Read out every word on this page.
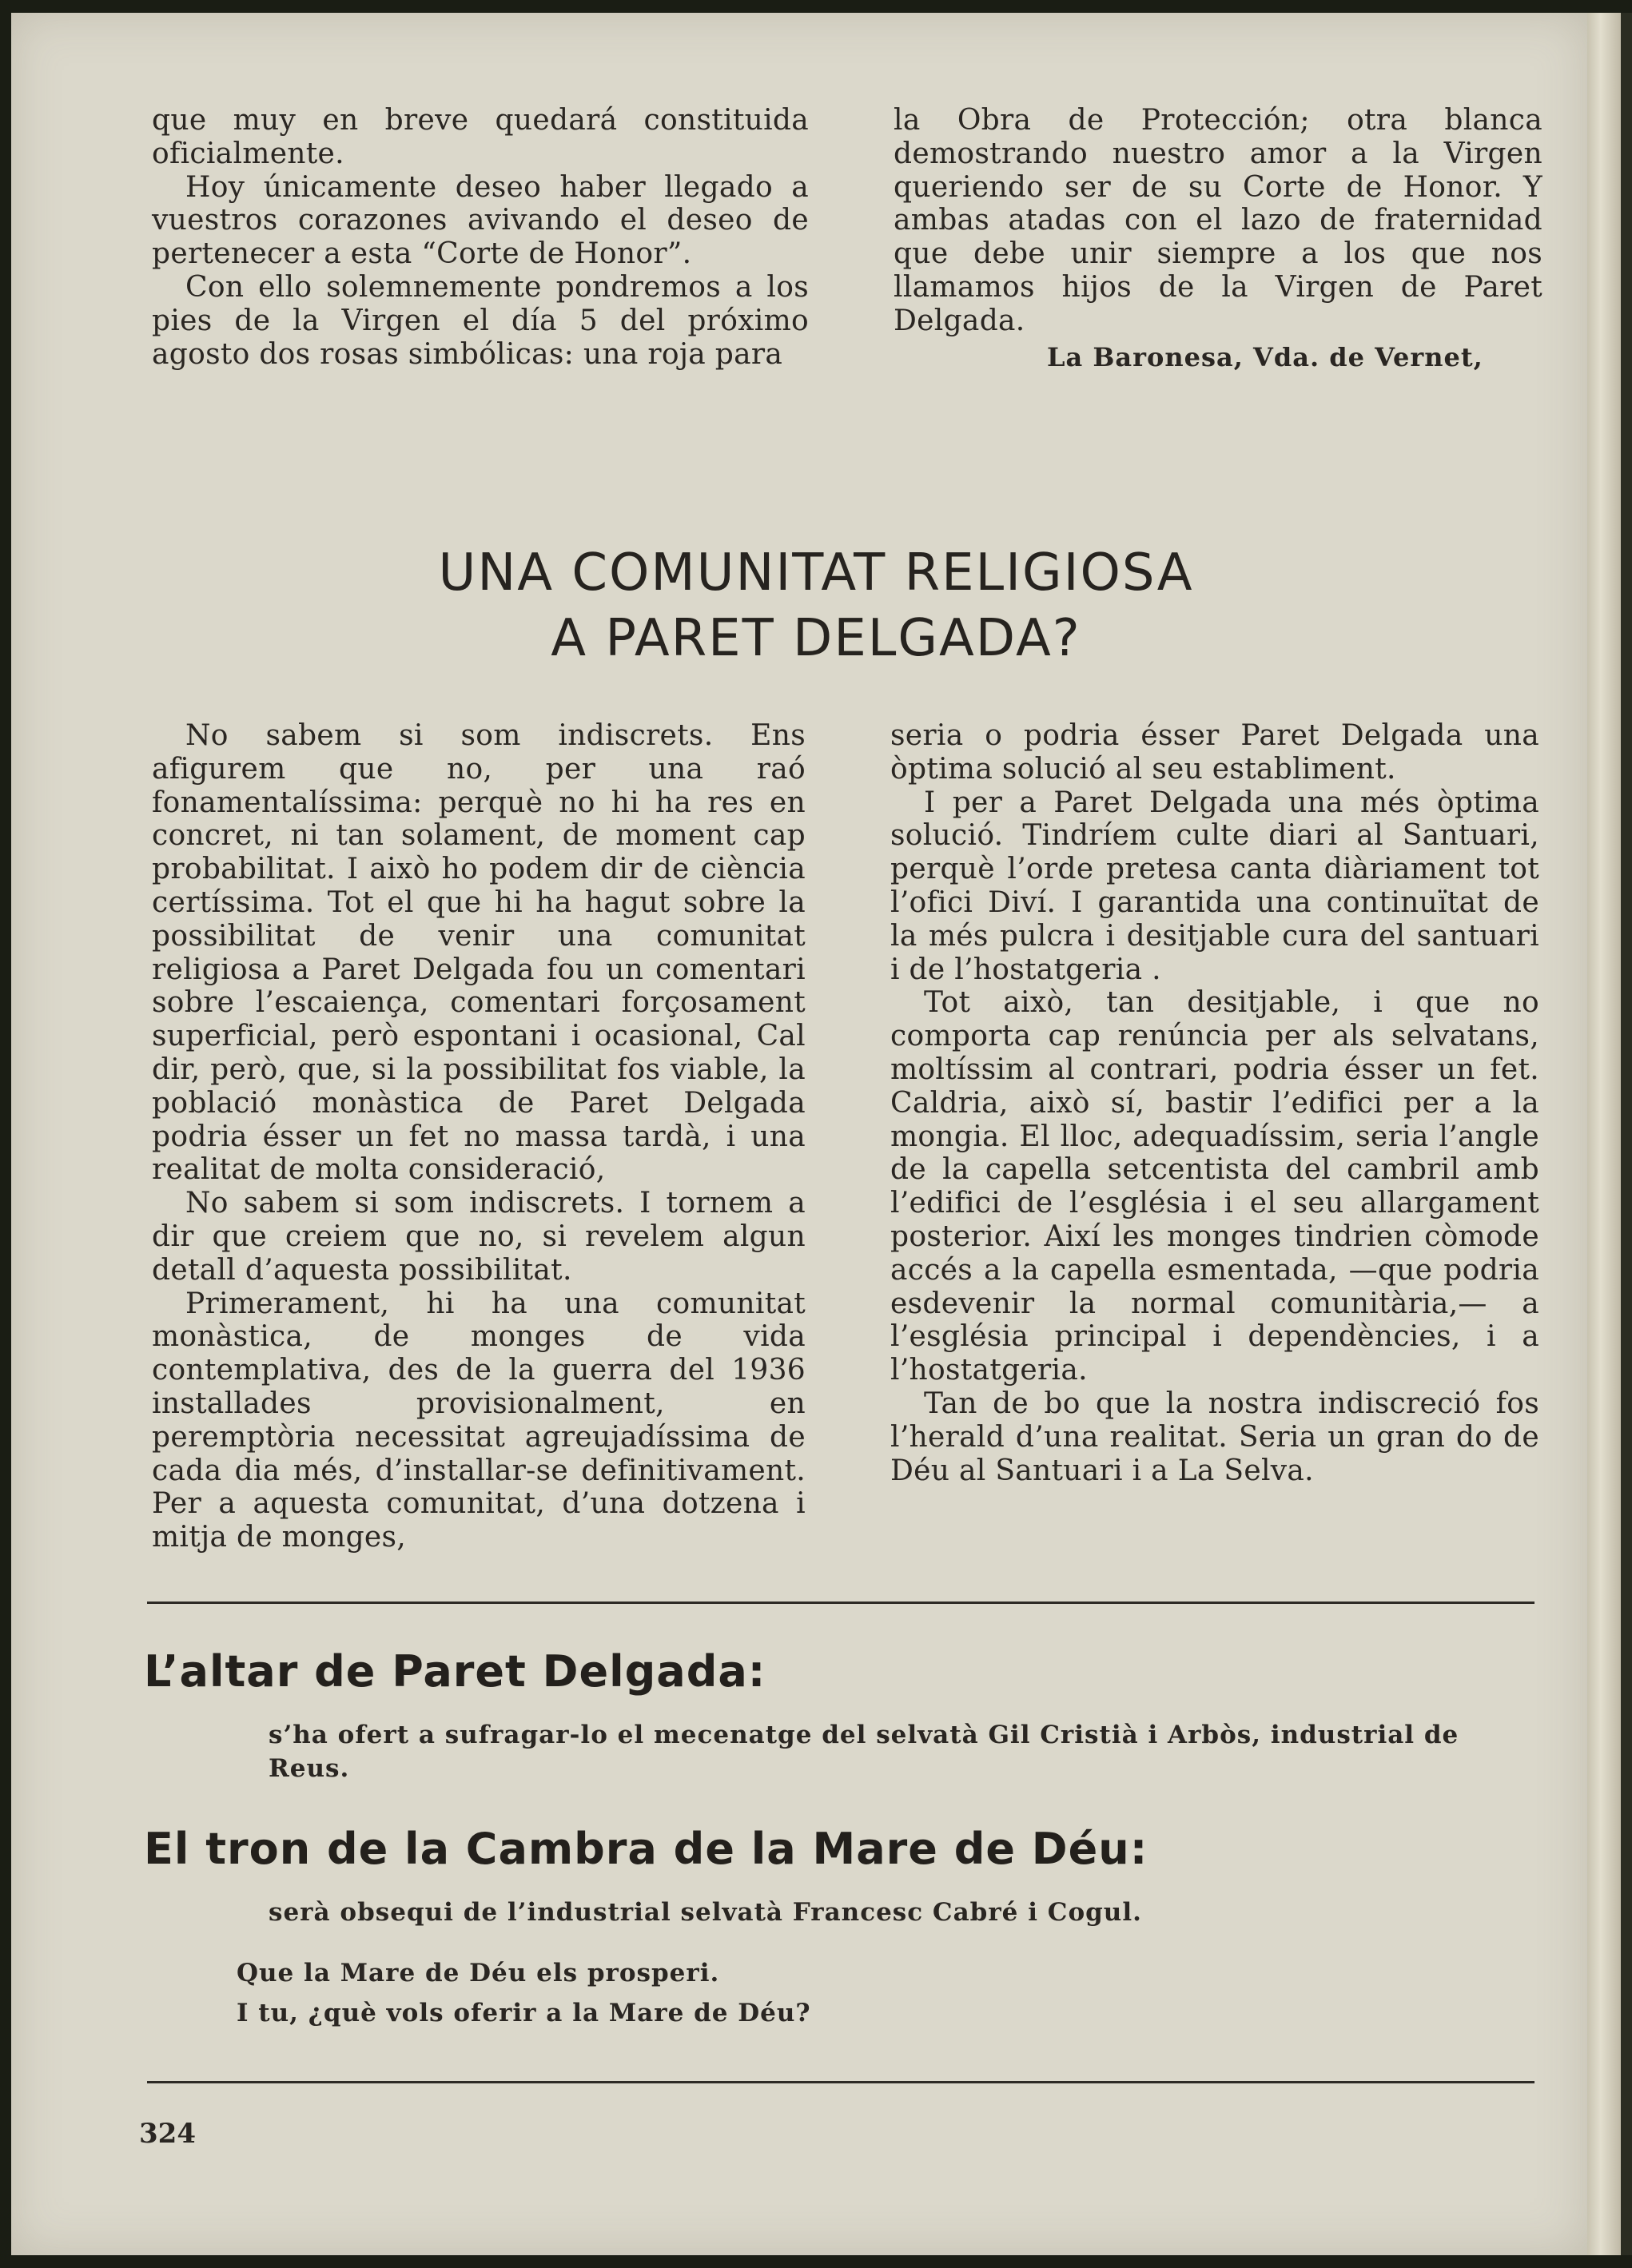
que muy en breve quedará constituida oficialmente.

Hoy únicamente deseo haber llegado a vuestros corazones avivando el deseo de pertenecer a esta “Corte de Honor”.

Con ello solemnemente pondremos a los pies de la Virgen el día 5 del próximo agosto dos rosas simbólicas: una roja para

la Obra de Protección; otra blanca demostrando nuestro amor a la Virgen queriendo ser de su Corte de Honor. Y ambas atadas con el lazo de fraternidad que debe unir siempre a los que nos llamamos hijos de la Virgen de Paret Delgada.

La Baronesa, Vda. de Vernet,
UNA COMUNITAT RELIGIOSA
A PARET DELGADA?

No sabem si som indiscrets. Ens afigurem que no, per una raó fonamentalíssima: perquè no hi ha res en concret, ni tan solament, de moment cap probabilitat. I això ho podem dir de ciència certíssima. Tot el que hi ha hagut sobre la possibilitat de venir una comunitat religiosa a Paret Delgada fou un comentari sobre l’escaiença, comentari forçosament superficial, però espontani i ocasional, Cal dir, però, que, si la possibilitat fos viable, la població monàstica de Paret Delgada podria ésser un fet no massa tardà, i una realitat de molta consideració,

No sabem si som indiscrets. I tornem a dir que creiem que no, si revelem algun detall d’aquesta possibilitat.

Primerament, hi ha una comunitat monàstica, de monges de vida contemplativa, des de la guerra del 1936 installades provisionalment, en peremptòria necessitat agreujadíssima de cada dia més, d’installar-se definitivament. Per a aquesta comunitat, d’una dotzena i mitja de monges,

seria o podria ésser Paret Delgada una òptima solució al seu establiment.

I per a Paret Delgada una més òptima solució. Tindríem culte diari al Santuari, perquè l’orde pretesa canta diàriament tot l’ofici Diví. I garantida una continuïtat de la més pulcra i desitjable cura del santuari i de l’hostatgeria .

Tot això, tan desitjable, i que no comporta cap renúncia per als selvatans, moltíssim al contrari, podria ésser un fet. Caldria, això sí, bastir l’edifici per a la mongia. El lloc, adequadíssim, seria l’angle de la capella setcentista del cambril amb l’edifici de l’església i el seu allargament posterior. Així les monges tindrien còmode accés a la capella esmentada, —que podria esdevenir la normal comunitària,— a l’església principal i dependències, i a l’hostatgeria.

Tan de bo que la nostra indiscreció fos l’herald d’una realitat. Seria un gran do de Déu al Santuari i a La Selva.

L’altar de Paret Delgada:
s’ha ofert a sufragar-lo el mecenatge del selvatà Gil Cristià i Arbòs, industrial de Reus.
El tron de la Cambra de la Mare de Déu:
serà obsequi de l’industrial selvatà Francesc Cabré i Cogul.
Que la Mare de Déu els prosperi.
I tu, ¿què vols oferir a la Mare de Déu?
324
